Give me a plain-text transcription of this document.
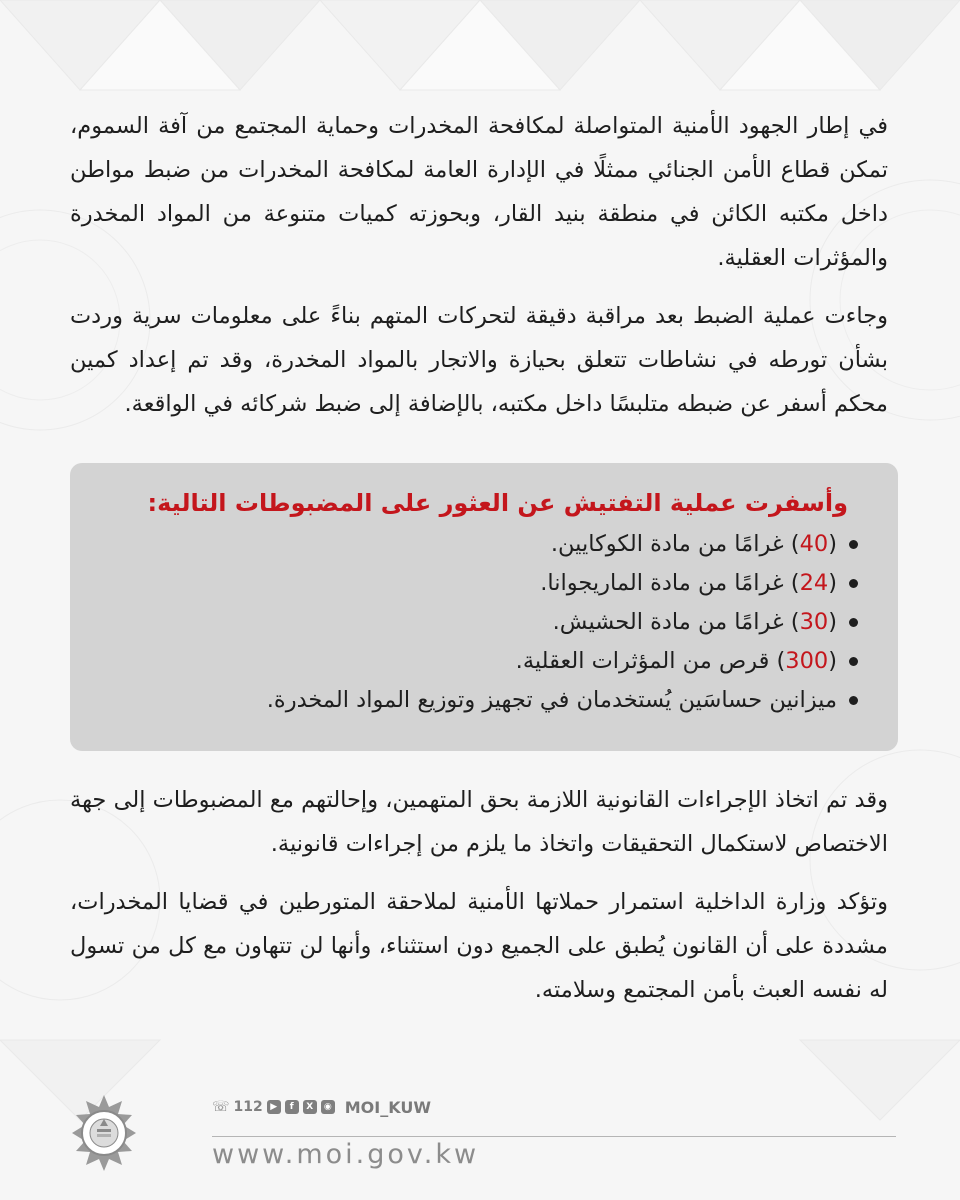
في إطار الجهود الأمنية المتواصلة لمكافحة المخدرات وحماية المجتمع من آفة السموم، تمكن قطاع الأمن الجنائي ممثلًا في الإدارة العامة لمكافحة المخدرات من ضبط مواطن داخل مكتبه الكائن في منطقة بنيد القار، وبحوزته كميات متنوعة من المواد المخدرة والمؤثرات العقلية.

وجاءت عملية الضبط بعد مراقبة دقيقة لتحركات المتهم بناءً على معلومات سرية وردت بشأن تورطه في نشاطات تتعلق بحيازة والاتجار بالمواد المخدرة، وقد تم إعداد كمين محكم أسفر عن ضبطه متلبسًا داخل مكتبه، بالإضافة إلى ضبط شركائه في الواقعة.

وأسفرت عملية التفتيش عن العثور على المضبوطات التالية:

(40) غرامًا من مادة الكوكايين.
(24) غرامًا من مادة الماريجوانا.
(30) غرامًا من مادة الحشيش.
(300) قرص من المؤثرات العقلية.
ميزانين حساسَين يُستخدمان في تجهيز وتوزيع المواد المخدرة.

وقد تم اتخاذ الإجراءات القانونية اللازمة بحق المتهمين، وإحالتهم مع المضبوطات إلى جهة الاختصاص لاستكمال التحقيقات واتخاذ ما يلزم من إجراءات قانونية.

وتؤكد وزارة الداخلية استمرار حملاتها الأمنية لملاحقة المتورطين في قضايا المخدرات، مشددة على أن القانون يُطبق على الجميع دون استثناء، وأنها لن تتهاون مع كل من تسول له نفسه العبث بأمن المجتمع وسلامته.

☏ 112 ▶	f	X	◉ MOI_KUW
www.moi.gov.kw
